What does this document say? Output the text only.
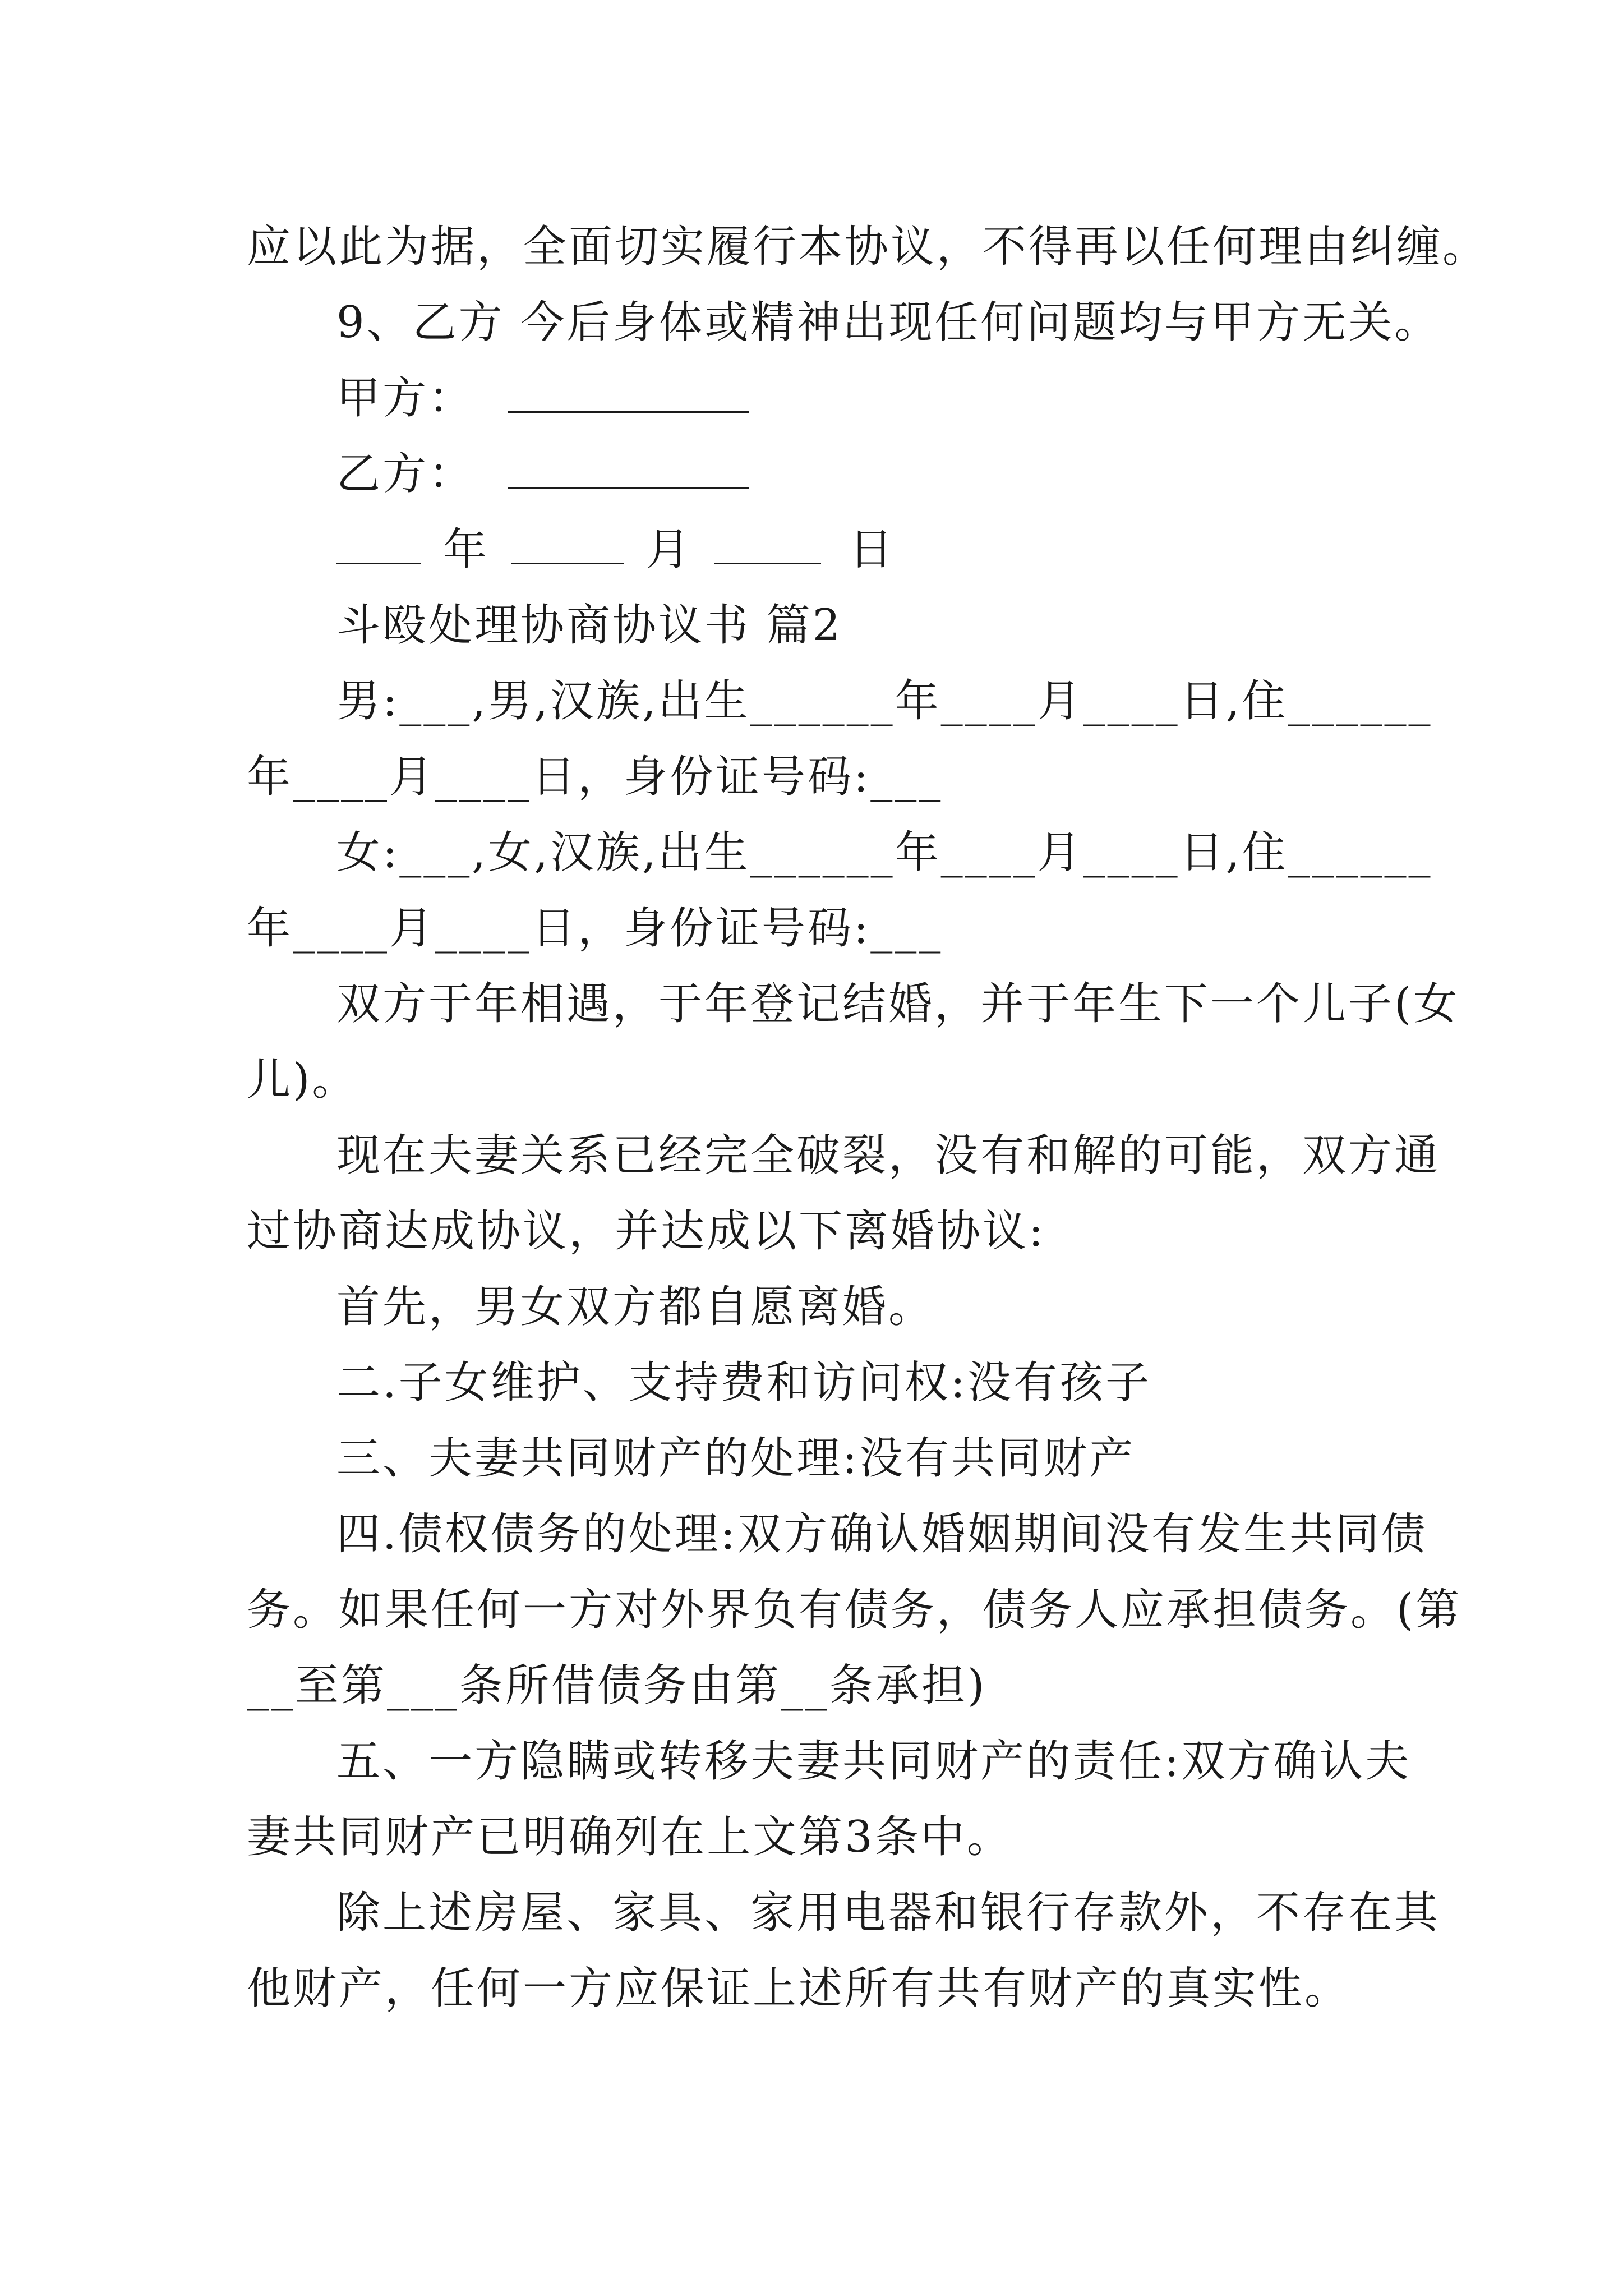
应以此为据，全面切实履行本协议，不得再以任何理由纠缠。
9、乙方 今后身体或精神出现任何问题均与甲方无关。
甲方：
乙方：
年	月	日
斗殴处理协商协议书 篇2
男:___,男,汉族,出生______年____月____日,住______
年____月____日，身份证号码:___
女:___,女,汉族,出生______年____月____日,住______
年____月____日，身份证号码:___
双方于年相遇，于年登记结婚，并于年生下一个儿子(女
儿)。
现在夫妻关系已经完全破裂，没有和解的可能，双方通
过协商达成协议，并达成以下离婚协议:
首先，男女双方都自愿离婚。
二.子女维护、支持费和访问权:没有孩子
三、夫妻共同财产的处理:没有共同财产
四.债权债务的处理:双方确认婚姻期间没有发生共同债
务。如果任何一方对外界负有债务，债务人应承担债务。(第
__至第___条所借债务由第__条承担)
五、一方隐瞒或转移夫妻共同财产的责任:双方确认夫
妻共同财产已明确列在上文第3条中。
除上述房屋、家具、家用电器和银行存款外，不存在其
他财产，任何一方应保证上述所有共有财产的真实性。
